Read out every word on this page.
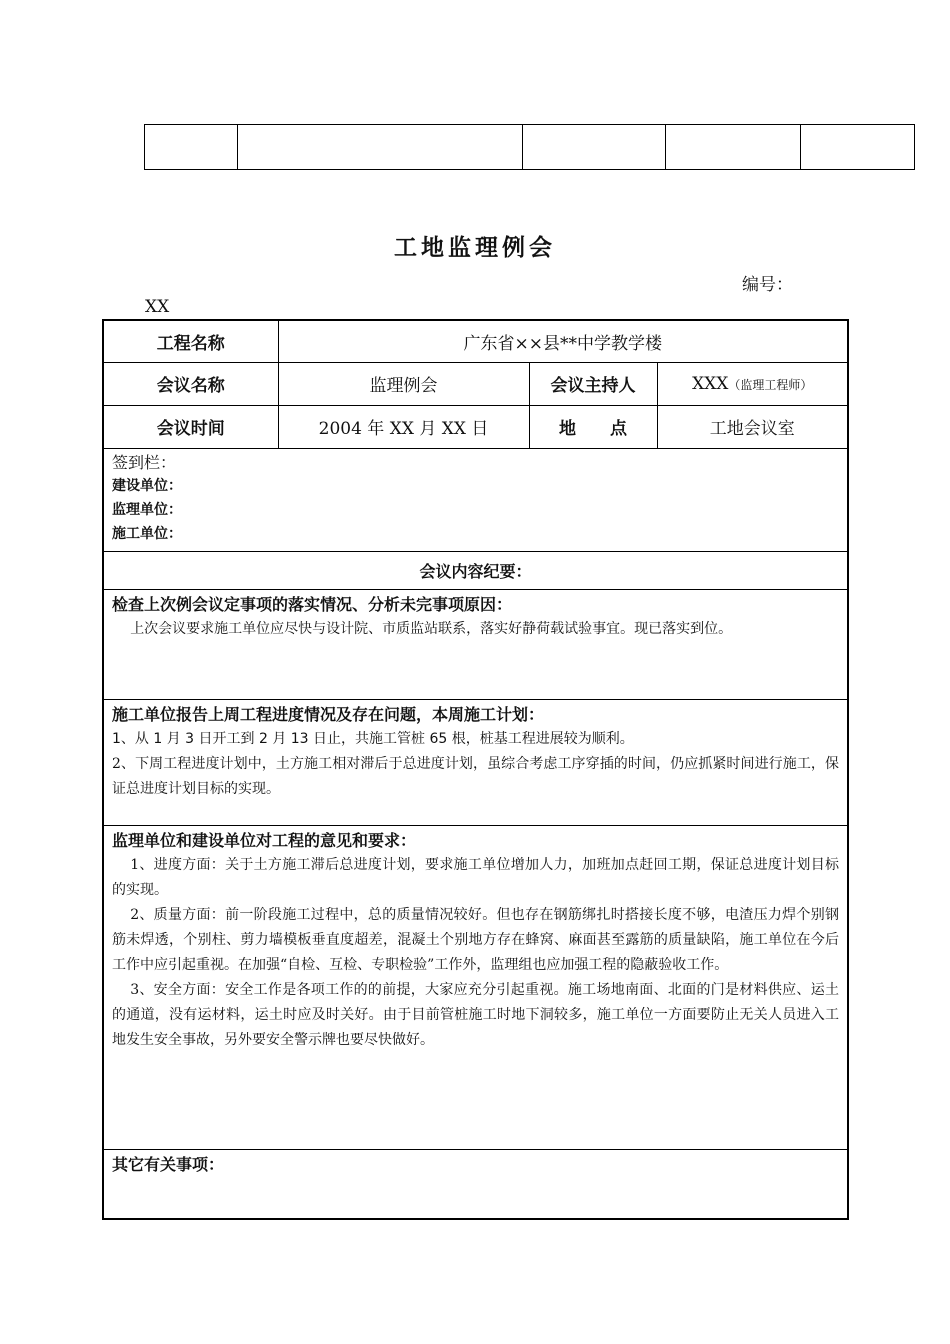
工地监理例会
编号：
XX
工程名称	广东省××县**中学教学楼		
会议名称	监理例会	会议主持人	XXX（监理工程师）
会议时间	2004 年 XX 月 XX 日	地　　点	工地会议室

签到栏：
建设单位：
监理单位：
施工单位：			

会议内容纪要：			

检查上次例会议定事项的落实情况、分析未完事项原因：
上次会议要求施工单位应尽快与设计院、市质监站联系，落实好静荷载试验事宜。现已落实到位。			

施工单位报告上周工程进度情况及存在问题，本周施工计划：
1、从 1 月 3 日开工到 2 月 13 日止，共施工管桩 65 根，桩基工程进展较为顺利。
2、下周工程进度计划中，土方施工相对滞后于总进度计划，虽综合考虑工序穿插的时间，仍应抓紧时间进行施工，保证总进度计划目标的实现。			

监理单位和建设单位对工程的意见和要求：
1、进度方面：关于土方施工滞后总进度计划，要求施工单位增加人力，加班加点赶回工期，保证总进度计划目标的实现。
2、质量方面：前一阶段施工过程中，总的质量情况较好。但也存在钢筋绑扎时搭接长度不够，电渣压力焊个别钢筋未焊透，个别柱、剪力墙模板垂直度超差，混凝土个别地方存在蜂窝、麻面甚至露筋的质量缺陷，施工单位在今后工作中应引起重视。在加强“自检、互检、专职检验”工作外，监理组也应加强工程的隐蔽验收工作。
3、安全方面：安全工作是各项工作的的前提，大家应充分引起重视。施工场地南面、北面的门是材料供应、运土的通道，没有运材料，运土时应及时关好。由于目前管桩施工时地下洞较多，施工单位一方面要防止无关人员进入工地发生安全事故，另外要安全警示牌也要尽快做好。			

其它有关事项：			
